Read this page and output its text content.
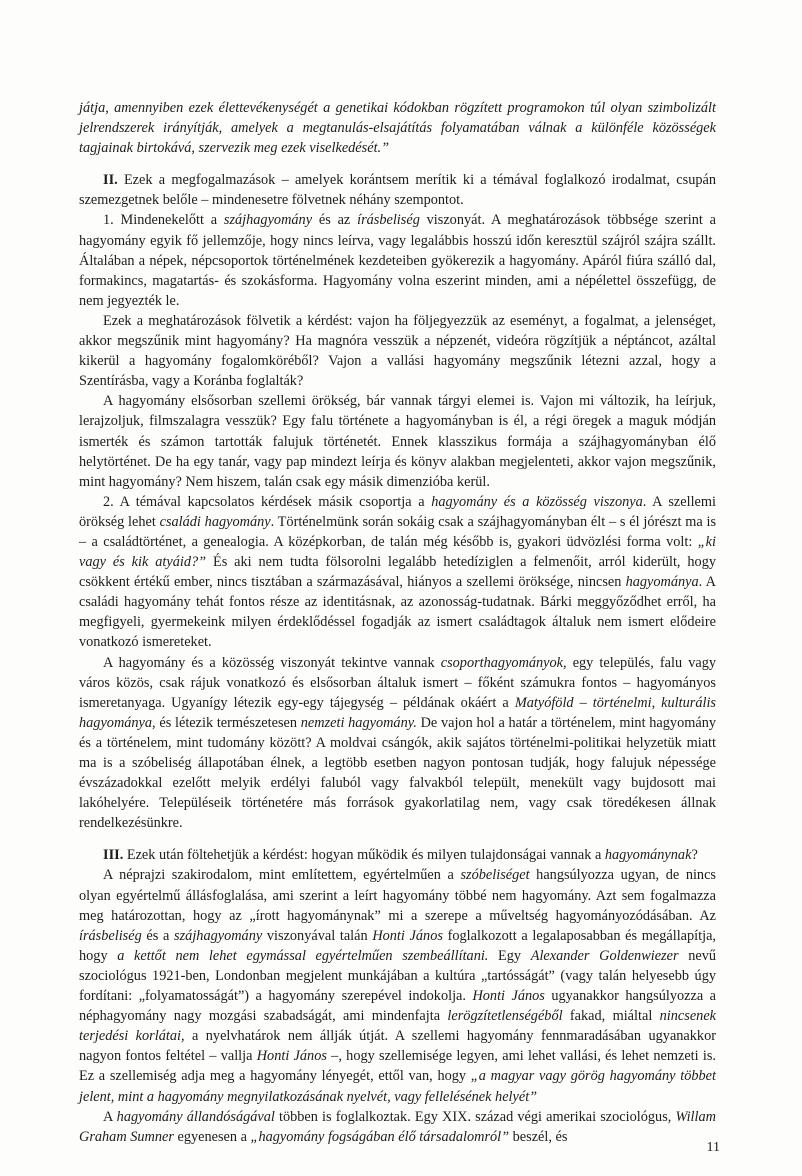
játja, amennyiben ezek élettevékenységét a genetikai kódokban rögzített programokon túl olyan szimbolizált jelrendszerek irányítják, amelyek a megtanulás-elsajátítás folyamatában válnak a különféle közösségek tagjainak birtokává, szervezik meg ezek viselkedését.”

II. Ezek a megfogalmazások – amelyek korántsem merítik ki a témával foglalkozó irodalmat, csupán szemezgetnek belőle – mindenesetre fölvetnek néhány szempontot.

1. Mindenekelőtt a szájhagyomány és az írásbeliség viszonyát. A meghatározások többsége szerint a hagyomány egyik fő jellemzője, hogy nincs leírva, vagy legalábbis hosszú időn keresztül szájról szájra szállt. Általában a népek, népcsoportok történelmének kezdeteiben gyökerezik a hagyomány. Apáról fiúra szálló dal, formakincs, magatartás- és szokásforma. Hagyomány volna eszerint minden, ami a népélettel összefügg, de nem jegyezték le.

Ezek a meghatározások fölvetik a kérdést: vajon ha följegyezzük az eseményt, a fogalmat, a jelenséget, akkor megszűnik mint hagyomány? Ha magnóra vesszük a népzenét, videóra rögzítjük a néptáncot, azáltal kikerül a hagyomány fogalomköréből? Vajon a vallási hagyomány megszűnik létezni azzal, hogy a Szentírásba, vagy a Koránba foglalták?

A hagyomány elsősorban szellemi örökség, bár vannak tárgyi elemei is. Vajon mi változik, ha leírjuk, lerajzoljuk, filmszalagra vesszük? Egy falu története a hagyományban is él, a régi öregek a maguk módján ismerték és számon tartották falujuk történetét. Ennek klasszikus formája a szájhagyományban élő helytörténet. De ha egy tanár, vagy pap mindezt leírja és könyv alakban megjelenteti, akkor vajon megszűnik, mint hagyomány? Nem hiszem, talán csak egy másik dimenzióba kerül.

2. A témával kapcsolatos kérdések másik csoportja a hagyomány és a közösség viszonya. A szellemi örökség lehet családi hagyomány. Történelmünk során sokáig csak a szájhagyományban élt – s él jórészt ma is – a családtörténet, a genealogia. A középkorban, de talán még később is, gyakori üdvözlési forma volt: „ki vagy és kik atyáid?” És aki nem tudta fölsorolni legalább hetedíziglen a felmenőit, arról kiderült, hogy csökkent értékű ember, nincs tisztában a származásával, hiányos a szellemi öröksége, nincsen hagyománya. A családi hagyomány tehát fontos része az identitásnak, az azonosság-tudatnak. Bárki meggyőződhet erről, ha megfigyeli, gyermekeink milyen érdeklődéssel fogadják az ismert családtagok általuk nem ismert elődeire vonatkozó ismereteket.

A hagyomány és a közösség viszonyát tekintve vannak csoporthagyományok, egy település, falu vagy város közös, csak rájuk vonatkozó és elsősorban általuk ismert – főként számukra fontos – hagyományos ismeretanyaga. Ugyanígy létezik egy-egy tájegység – példának okáért a Matyóföld – történelmi, kulturális hagyománya, és létezik természetesen nemzeti hagyomány. De vajon hol a határ a történelem, mint hagyomány és a történelem, mint tudomány között? A moldvai csángók, akik sajátos történelmi-politikai helyzetük miatt ma is a szóbeliség állapotában élnek, a legtöbb esetben nagyon pontosan tudják, hogy falujuk népessége évszázadokkal ezelőtt melyik erdélyi faluból vagy falvakból települt, menekült vagy bujdosott mai lakóhelyére. Településeik történetére más források gyakorlatilag nem, vagy csak töredékesen állnak rendelkezésünkre.

III. Ezek után föltehetjük a kérdést: hogyan működik és milyen tulajdonságai vannak a hagyománynak?

A néprajzi szakirodalom, mint említettem, egyértelműen a szóbeliséget hangsúlyozza ugyan, de nincs olyan egyértelmű állásfoglalása, ami szerint a leírt hagyomány többé nem hagyomány. Azt sem fogalmazza meg határozottan, hogy az „írott hagyománynak” mi a szerepe a műveltség hagyományozódásában. Az írásbeliség és a szájhagyomány viszonyával talán Honti János foglalkozott a legalaposabban és megállapítja, hogy a kettőt nem lehet egymással egyértelműen szembeállítani. Egy Alexander Goldenwiezer nevű szociológus 1921-ben, Londonban megjelent munkájában a kultúra „tartósságát” (vagy talán helyesebb úgy fordítani: „folyamatosságát”) a hagyomány szerepével indokolja. Honti János ugyanakkor hangsúlyozza a néphagyomány nagy mozgási szabadságát, ami mindenfajta lerögzítetlenségéből fakad, miáltal nincsenek terjedési korlátai, a nyelvhatárok nem állják útját. A szellemi hagyomány fennmaradásában ugyanakkor nagyon fontos feltétel – vallja Honti János –, hogy szellemisége legyen, ami lehet vallási, és lehet nemzeti is. Ez a szellemiség adja meg a hagyomány lényegét, ettől van, hogy „a magyar vagy görög hagyomány többet jelent, mint a hagyomány megnyilatkozásának nyelvét, vagy fellelésének helyét”

A hagyomány állandóságával többen is foglalkoztak. Egy XIX. század végi amerikai szociológus, Willam Graham Sumner egyenesen a „hagyomány fogságában élő társadalomról” beszél, és

11
